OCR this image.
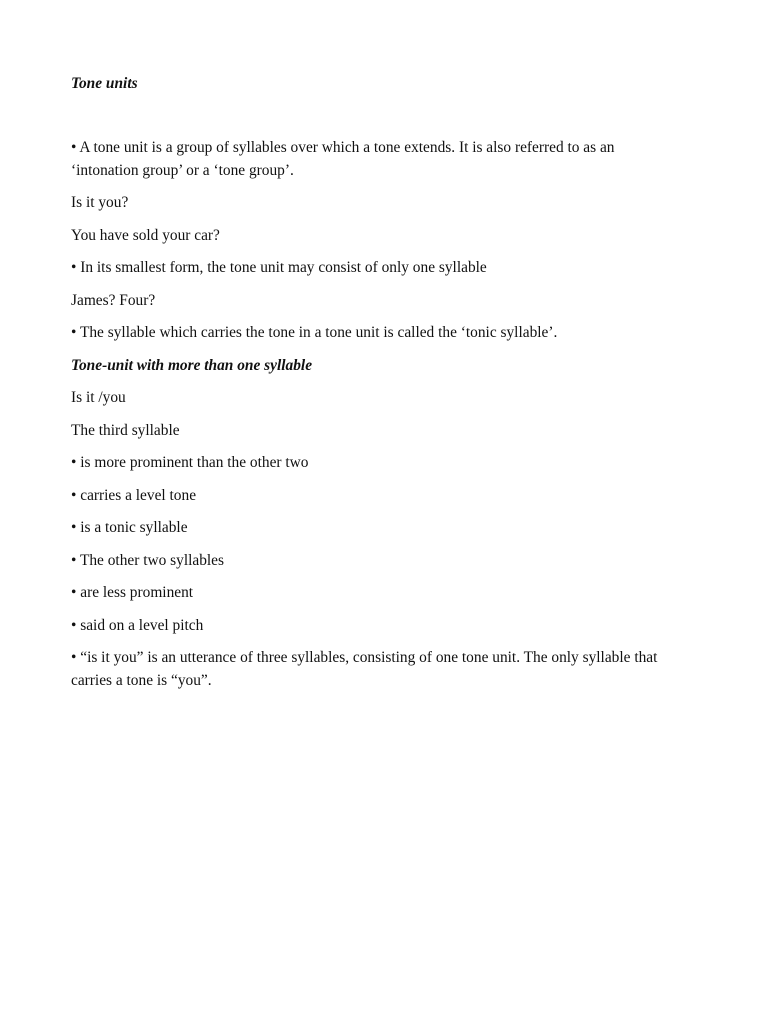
Tone units

• A tone unit is a group of syllables over which a tone extends. It is also referred to as an

‘intonation group’ or a ‘tone group’.

Is it you?

You have sold your car?

• In its smallest form, the tone unit may consist of only one syllable

James? Four?

• The syllable which carries the tone in a tone unit is called the ‘tonic syllable’.

Tone-unit with more than one syllable

Is it /you

The third syllable

• is more prominent than the other two

• carries a level tone

• is a tonic syllable

• The other two syllables

• are less prominent

• said on a level pitch

• “is it you” is an utterance of three syllables, consisting of one tone unit. The only syllable that

carries a tone is “you”.
